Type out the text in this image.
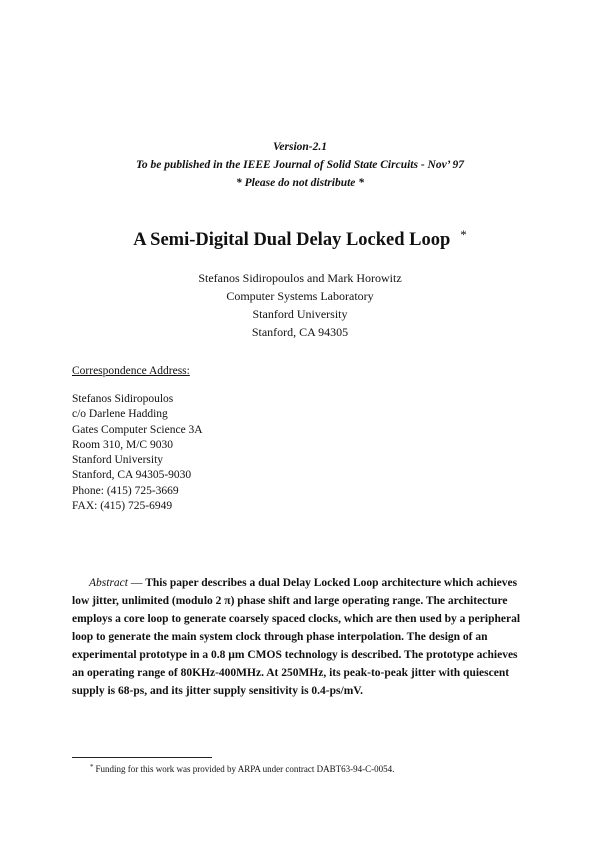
Version-2.1
To be published in the IEEE Journal of Solid State Circuits - Nov’ 97
* Please do not distribute *
A Semi-Digital Dual Delay Locked Loop *
Stefanos Sidiropoulos and Mark Horowitz
Computer Systems Laboratory
Stanford University
Stanford, CA 94305
Correspondence Address:
Stefanos Sidiropoulos
c/o Darlene Hadding
Gates Computer Science 3A
Room 310, M/C 9030
Stanford University
Stanford, CA 94305-9030
Phone: (415) 725-3669
FAX: (415) 725-6949
Abstract — This paper describes a dual Delay Locked Loop architecture which achieves low jitter, unlimited (modulo 2 π) phase shift and large operating range. The architecture employs a core loop to generate coarsely spaced clocks, which are then used by a peripheral loop to generate the main system clock through phase interpolation. The design of an experimental prototype in a 0.8 µm CMOS technology is described. The prototype achieves an operating range of 80KHz-400MHz. At 250MHz, its peak-to-peak jitter with quiescent supply is 68-ps, and its jitter supply sensitivity is 0.4-ps/mV.
* Funding for this work was provided by ARPA under contract DABT63-94-C-0054.
